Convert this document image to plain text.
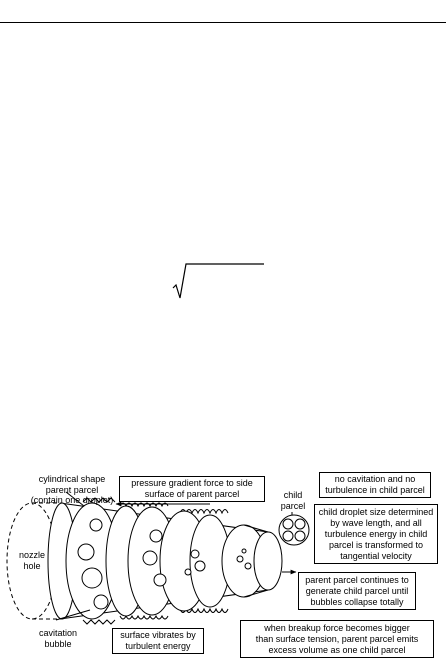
cylindrical shape
parent parcel
(contain one droplet)
nozzle
hole
cavitation
bubble
child
parcel
pressure gradient force to side
surface of parent parcel
no cavitation and no
turbulence in child parcel
child droplet size determined
by wave length, and all
turbulence energy in child
parcel is transformed to
tangential velocity
parent parcel continues to
generate child parcel until
bubbles collapse totally
surface vibrates by
turbulent energy
when breakup force becomes bigger
than surface tension, parent parcel emits
excess volume as one child parcel
